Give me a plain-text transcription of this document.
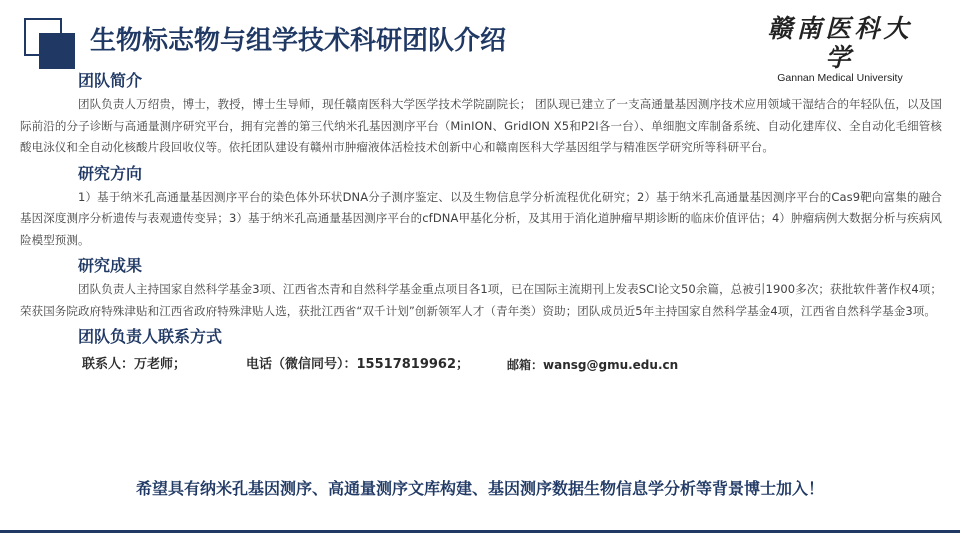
生物标志物与组学技术科研团队介绍	赣南医科大学
Gannan Medical University
团队简介

团队负责人万绍贵，博士，教授，博士生导师，现任赣南医科大学医学技术学院副院长； 团队现已建立了一支高通量基因测序技术应用领域干湿结合的年轻队伍，以及国际前沿的分子诊断与高通量测序研究平台，拥有完善的第三代纳米孔基因测序平台（MinION、GridION X5和P2I各一台）、单细胞文库制备系统、自动化建库仪、全自动化毛细管核酸电泳仪和全自动化核酸片段回收仪等。依托团队建设有赣州市肿瘤液体活检技术创新中心和赣南医科大学基因组学与精准医学研究所等科研平台。

研究方向

1）基于纳米孔高通量基因测序平台的染色体外环状DNA分子测序鉴定、以及生物信息学分析流程优化研究；2）基于纳米孔高通量基因测序平台的Cas9靶向富集的融合基因深度测序分析遗传与表观遗传变异；3）基于纳米孔高通量基因测序平台的cfDNA甲基化分析，及其用于消化道肿瘤早期诊断的临床价值评估；4）肿瘤病例大数据分析与疾病风险模型预测。

研究成果

团队负责人主持国家自然科学基金3项、江西省杰青和自然科学基金重点项目各1项，已在国际主流期刊上发表SCI论文50余篇，总被引1900多次；获批软件著作权4项；荣获国务院政府特殊津贴和江西省政府特殊津贴人选，获批江西省“双千计划”创新领军人才（青年类）资助；团队成员近5年主持国家自然科学基金4项，江西省自然科学基金3项。

团队负责人联系方式
联系人：万老师；	电话（微信同号）：15517819962；	邮箱：wansg@gmu.edu.cn
希望具有纳米孔基因测序、高通量测序文库构建、基因测序数据生物信息学分析等背景博士加入！
